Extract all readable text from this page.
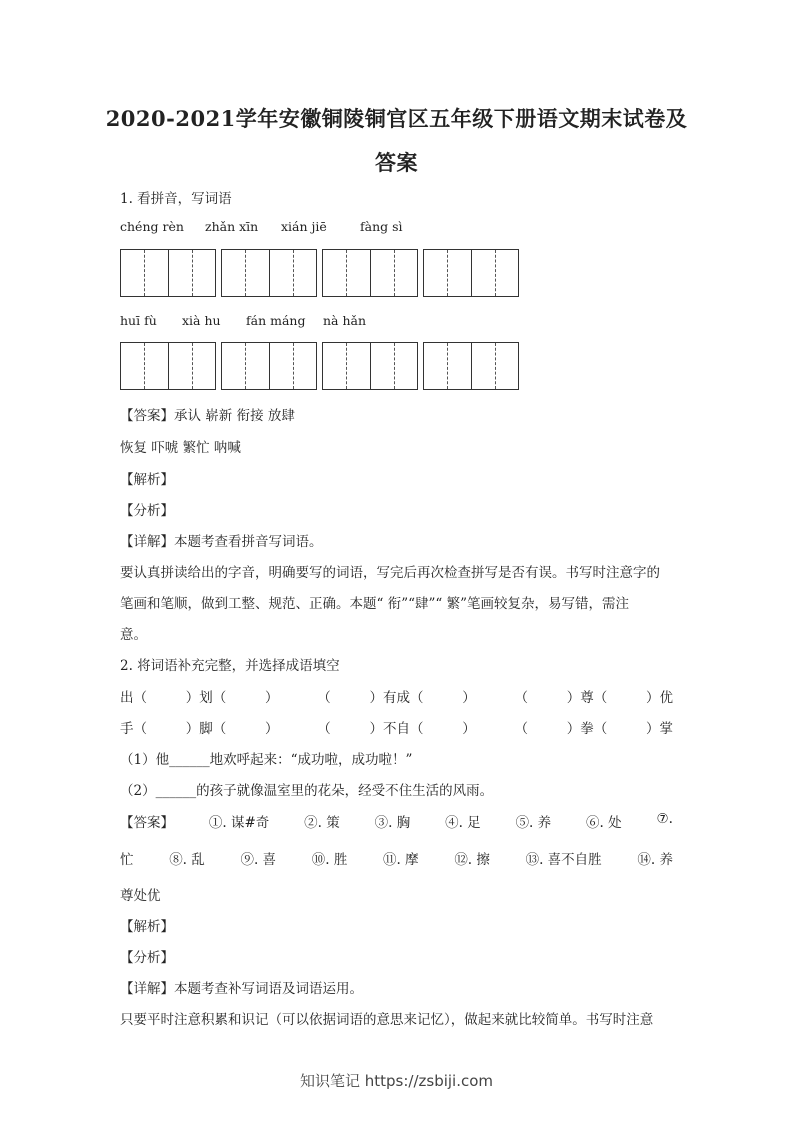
2020-2021学年安徽铜陵铜官区五年级下册语文期末试卷及
答案
1. 看拼音，写词语
chéng rèn zhǎn xīn xián jiē	fàng sì
huī fù xià hu fán máng nà hǎn
【答案】承认 崭新 衔接 放肆
恢复 吓唬 繁忙 呐喊
【解析】
【分析】
【详解】本题考查看拼音写词语。
要认真拼读给出的字音，明确要写的词语，写完后再次检查拼写是否有误。书写时注意字的
笔画和笔顺，做到工整、规范、正确。本题“ 衔”“肆”“ 繁”笔画较复杂，易写错，需注
意。
2. 将词语补充完整，并选择成语填空
出（	）划（	）	（	）有成（	）	（	）尊（	）优
手（	）脚（	）	（	）不自（	）	（	）拳（	）掌
（1）他______地欢呼起来：“成功啦，成功啦！”
（2）______的孩子就像温室里的花朵，经受不住生活的风雨。
【答案】	①. 谋#奇	②. 策	③. 胸	④. 足	⑤. 养	⑥. 处	⑦.
忙	⑧. 乱	⑨. 喜	⑩. 胜	⑪. 摩	⑫. 擦	⑬. 喜不自胜	⑭. 养
尊处优
【解析】
【分析】
【详解】本题考查补写词语及词语运用。
只要平时注意积累和识记（可以依据词语的意思来记忆），做起来就比较简单。书写时注意
知识笔记 https://zsbiji.com
